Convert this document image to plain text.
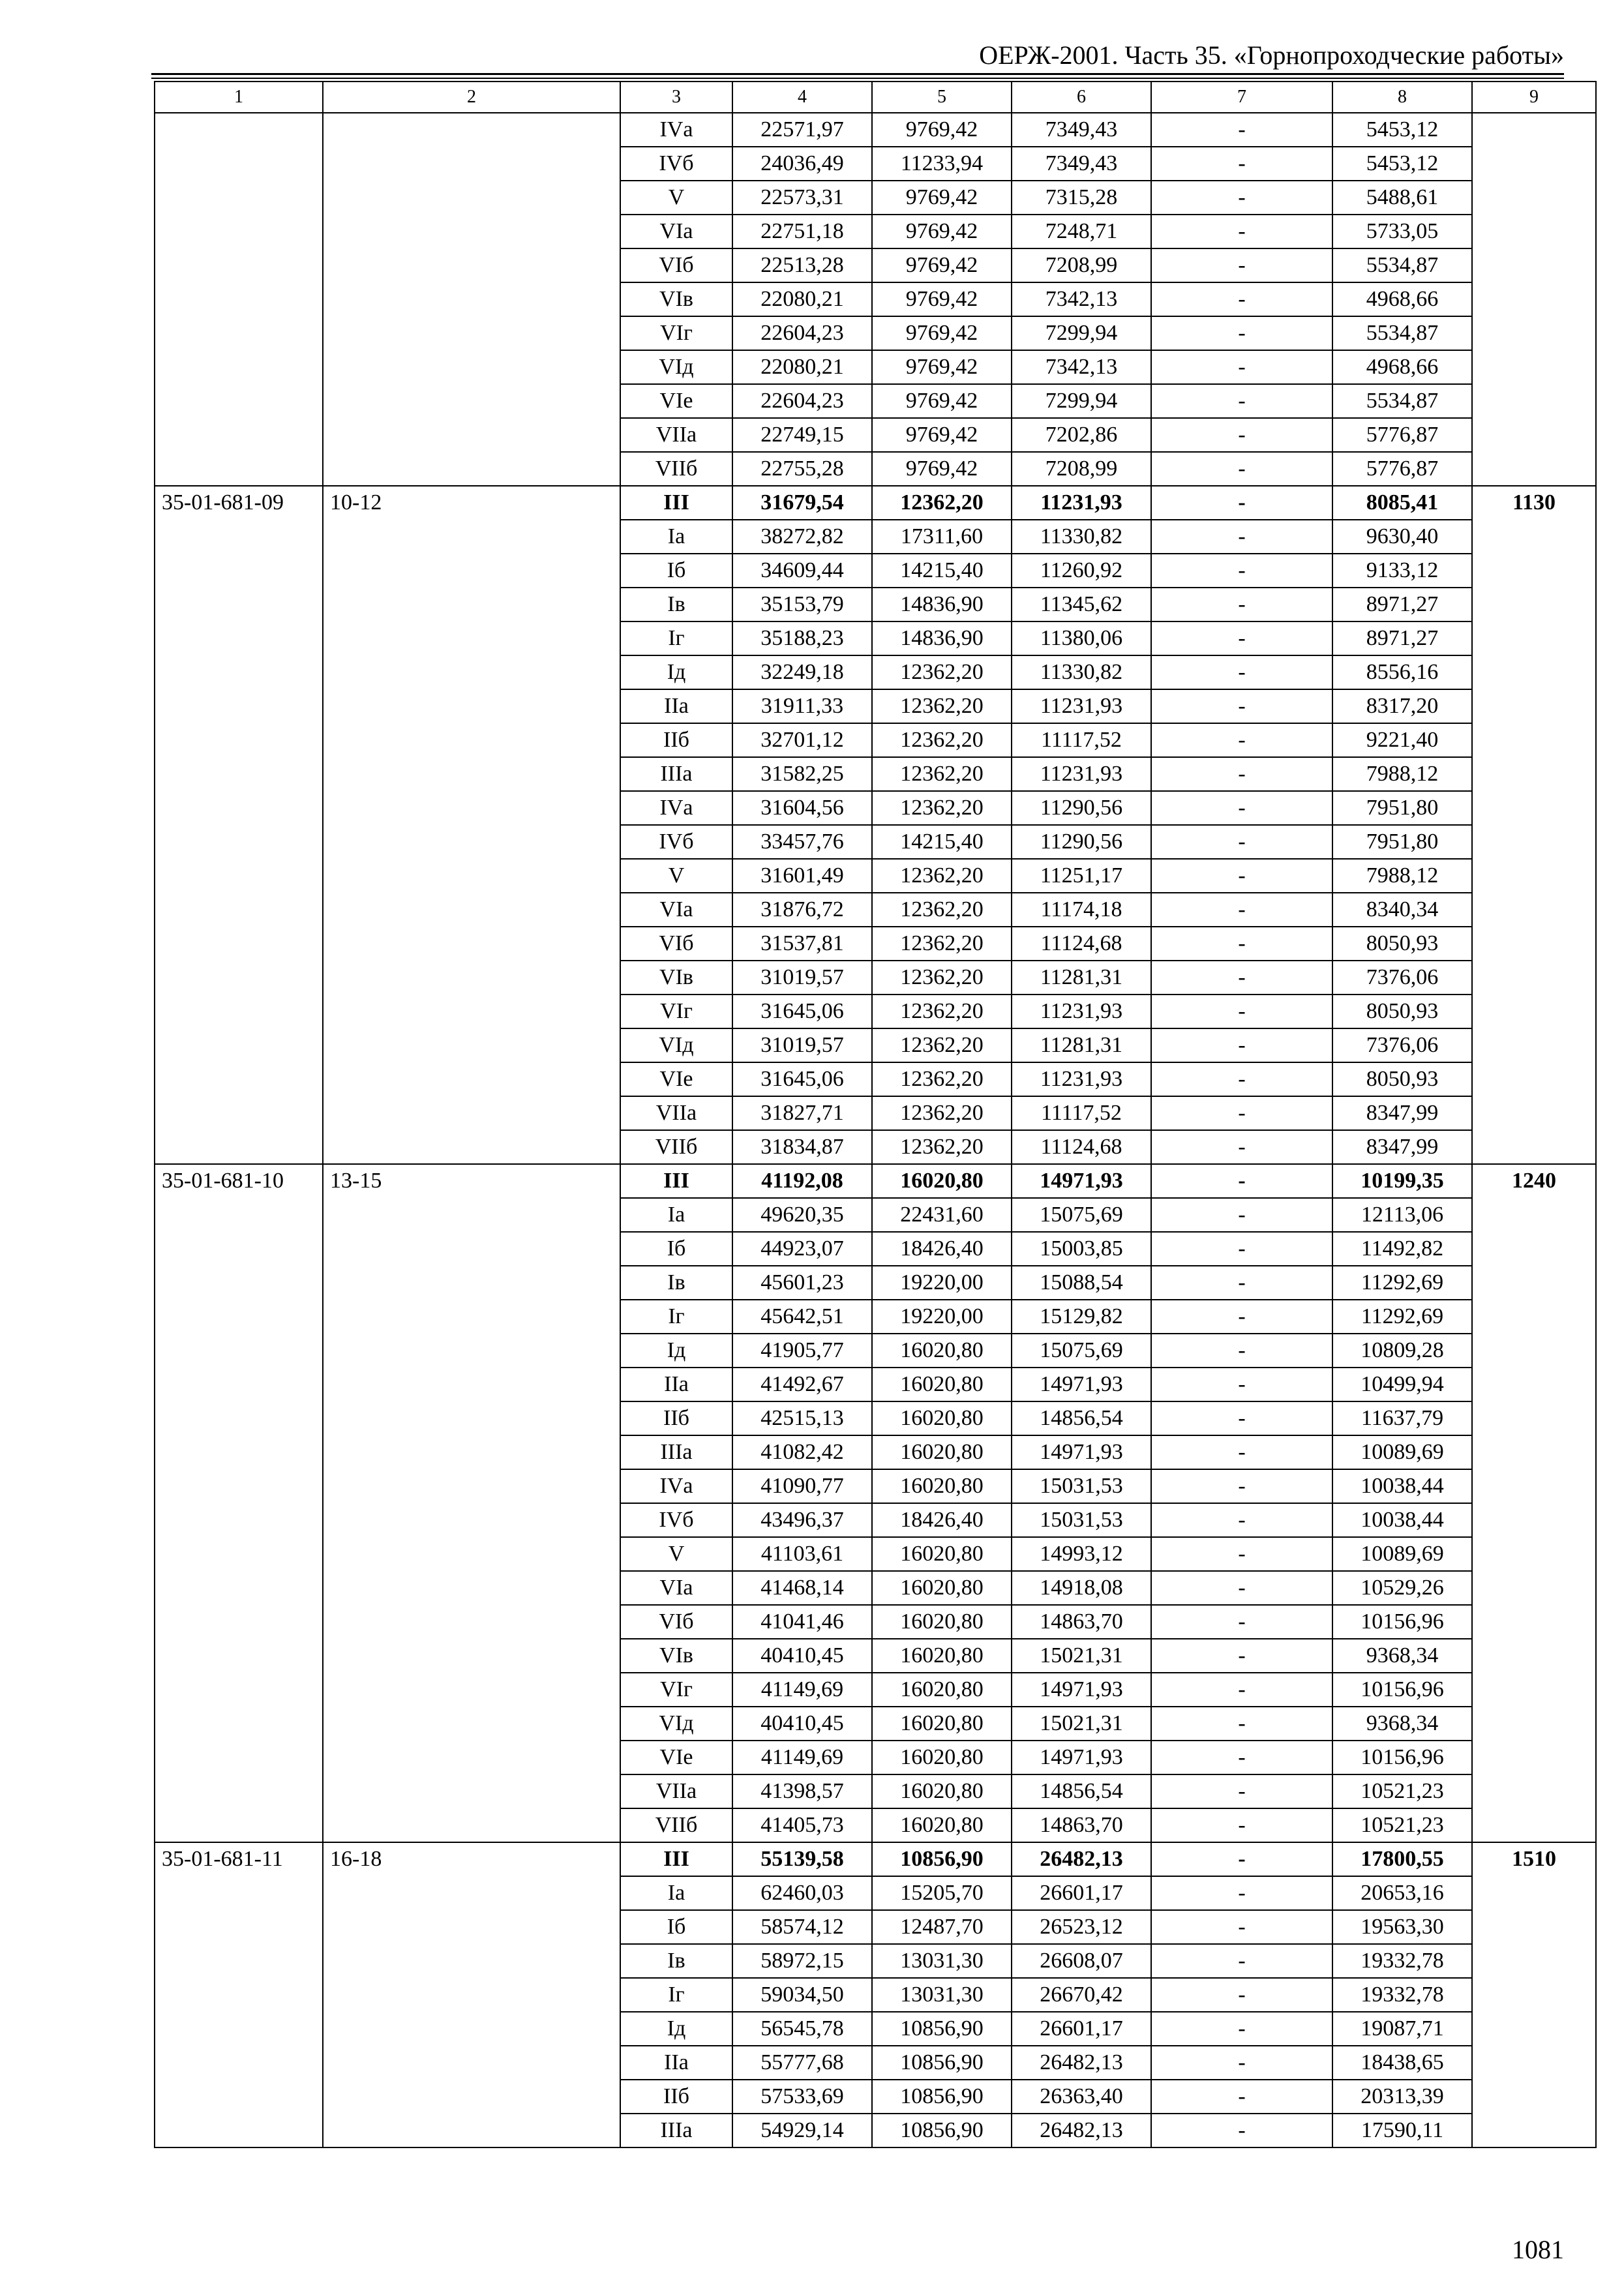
ОЕРЖ-2001. Часть 35. «Горнопроходческие работы»
1	2	3	4	5	6	7	8	9
		IVа	22571,97	9769,42	7349,43	-	5453,12	
		IVб	24036,49	11233,94	7349,43	-	5453,12	
		V	22573,31	9769,42	7315,28	-	5488,61	
		VIа	22751,18	9769,42	7248,71	-	5733,05	
		VIб	22513,28	9769,42	7208,99	-	5534,87	
		VIв	22080,21	9769,42	7342,13	-	4968,66	
		VIг	22604,23	9769,42	7299,94	-	5534,87	
		VIд	22080,21	9769,42	7342,13	-	4968,66	
		VIе	22604,23	9769,42	7299,94	-	5534,87	
		VIIа	22749,15	9769,42	7202,86	-	5776,87	
		VIIб	22755,28	9769,42	7208,99	-	5776,87	
35-01-681-09	10-12	III	31679,54	12362,20	11231,93	-	8085,41	1130
		Iа	38272,82	17311,60	11330,82	-	9630,40	
		Iб	34609,44	14215,40	11260,92	-	9133,12	
		Iв	35153,79	14836,90	11345,62	-	8971,27	
		Iг	35188,23	14836,90	11380,06	-	8971,27	
		Iд	32249,18	12362,20	11330,82	-	8556,16	
		IIа	31911,33	12362,20	11231,93	-	8317,20	
		IIб	32701,12	12362,20	11117,52	-	9221,40	
		IIIа	31582,25	12362,20	11231,93	-	7988,12	
		IVа	31604,56	12362,20	11290,56	-	7951,80	
		IVб	33457,76	14215,40	11290,56	-	7951,80	
		V	31601,49	12362,20	11251,17	-	7988,12	
		VIа	31876,72	12362,20	11174,18	-	8340,34	
		VIб	31537,81	12362,20	11124,68	-	8050,93	
		VIв	31019,57	12362,20	11281,31	-	7376,06	
		VIг	31645,06	12362,20	11231,93	-	8050,93	
		VIд	31019,57	12362,20	11281,31	-	7376,06	
		VIе	31645,06	12362,20	11231,93	-	8050,93	
		VIIа	31827,71	12362,20	11117,52	-	8347,99	
		VIIб	31834,87	12362,20	11124,68	-	8347,99	
35-01-681-10	13-15	III	41192,08	16020,80	14971,93	-	10199,35	1240
		Iа	49620,35	22431,60	15075,69	-	12113,06	
		Iб	44923,07	18426,40	15003,85	-	11492,82	
		Iв	45601,23	19220,00	15088,54	-	11292,69	
		Iг	45642,51	19220,00	15129,82	-	11292,69	
		Iд	41905,77	16020,80	15075,69	-	10809,28	
		IIа	41492,67	16020,80	14971,93	-	10499,94	
		IIб	42515,13	16020,80	14856,54	-	11637,79	
		IIIа	41082,42	16020,80	14971,93	-	10089,69	
		IVа	41090,77	16020,80	15031,53	-	10038,44	
		IVб	43496,37	18426,40	15031,53	-	10038,44	
		V	41103,61	16020,80	14993,12	-	10089,69	
		VIа	41468,14	16020,80	14918,08	-	10529,26	
		VIб	41041,46	16020,80	14863,70	-	10156,96	
		VIв	40410,45	16020,80	15021,31	-	9368,34	
		VIг	41149,69	16020,80	14971,93	-	10156,96	
		VIд	40410,45	16020,80	15021,31	-	9368,34	
		VIе	41149,69	16020,80	14971,93	-	10156,96	
		VIIа	41398,57	16020,80	14856,54	-	10521,23	
		VIIб	41405,73	16020,80	14863,70	-	10521,23	
35-01-681-11	16-18	III	55139,58	10856,90	26482,13	-	17800,55	1510
		Iа	62460,03	15205,70	26601,17	-	20653,16	
		Iб	58574,12	12487,70	26523,12	-	19563,30	
		Iв	58972,15	13031,30	26608,07	-	19332,78	
		Iг	59034,50	13031,30	26670,42	-	19332,78	
		Iд	56545,78	10856,90	26601,17	-	19087,71	
		IIа	55777,68	10856,90	26482,13	-	18438,65	
		IIб	57533,69	10856,90	26363,40	-	20313,39	
		IIIа	54929,14	10856,90	26482,13	-	17590,11	
1081
